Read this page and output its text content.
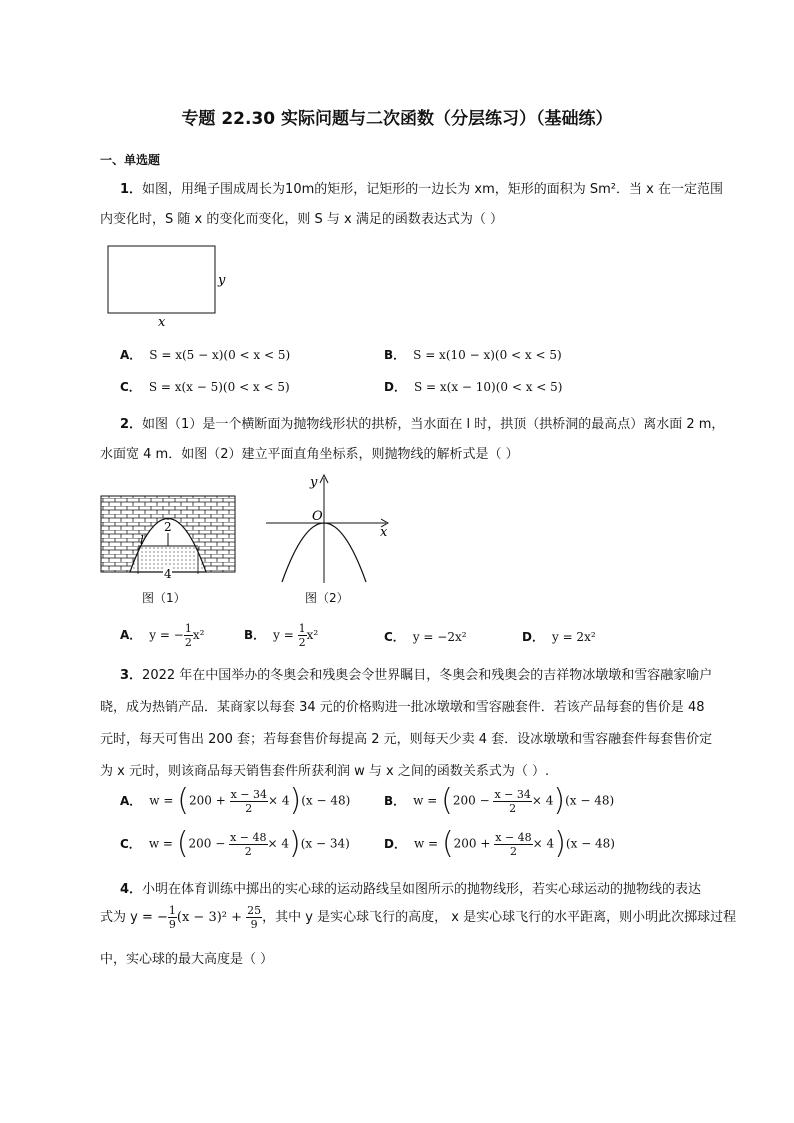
专题 22.30 实际问题与二次函数（分层练习）（基础练）
一、单选题
1．如图，用绳子围成周长为10m的矩形，记矩形的一边长为 xm，矩形的面积为 Sm²．当 x 在一定范围
内变化时，S 随 x 的变化而变化，则 S 与 x 满足的函数表达式为（ ）
y
x
A． S = x(5 − x)(0 < x < 5)	B． S = x(10 − x)(0 < x < 5)
C． S = x(x − 5)(0 < x < 5)	D． S = x(x − 10)(0 < x < 5)
2．如图（1）是一个横断面为抛物线形状的拱桥，当水面在 l 时，拱顶（拱桥洞的最高点）离水面 2 m，
水面宽 4 m．如图（2）建立平面直角坐标系，则抛物线的解析式是（ ）
2
l
4
图（1）
x
y
O
图（2）
A． y = − $\frac{1}{2} x^2$	B． $y = \frac{1}{2} x^2$	C． y = −2x²	D． y = 2x²
3．2022 年在中国举办的冬奥会和残奥会令世界瞩目，冬奥会和残奥会的吉祥物冰墩墩和雪容融家喻户
晓，成为热销产品．某商家以每套 34 元的价格购进一批冰墩墩和雪容融套件．若该产品每套的售价是 48
元时，每天可售出 200 套；若每套售价每提高 2 元，则每天少卖 4 套．设冰墩墩和雪容融套件每套售价定
为 x 元时，则该商品每天销售套件所获利润 w 与 x 之间的函数关系式为（ ）.
A． $w = (200 + \frac{x - 34}{2} \times 4)(x - 48)$	B． $w = (200 - \frac{x - 34}{2} \times 4)(x - 48)$
C． $w = (200 - \frac{x - 48}{2} \times 4)(x - 34)$	D． $w = (200 + \frac{x - 48}{2} \times 4)(x - 48)$
4．小明在体育训练中掷出的实心球的运动路线呈如图所示的抛物线形，若实心球运动的抛物线的表达
式为 y = − $\frac{1}{9} (x - 3)^2 + \frac{25}{9}$ ，其中 y 是实心球飞行的高度， x 是实心球飞行的水平距离，则小明此次掷球过程
中，实心球的最大高度是（ ）
